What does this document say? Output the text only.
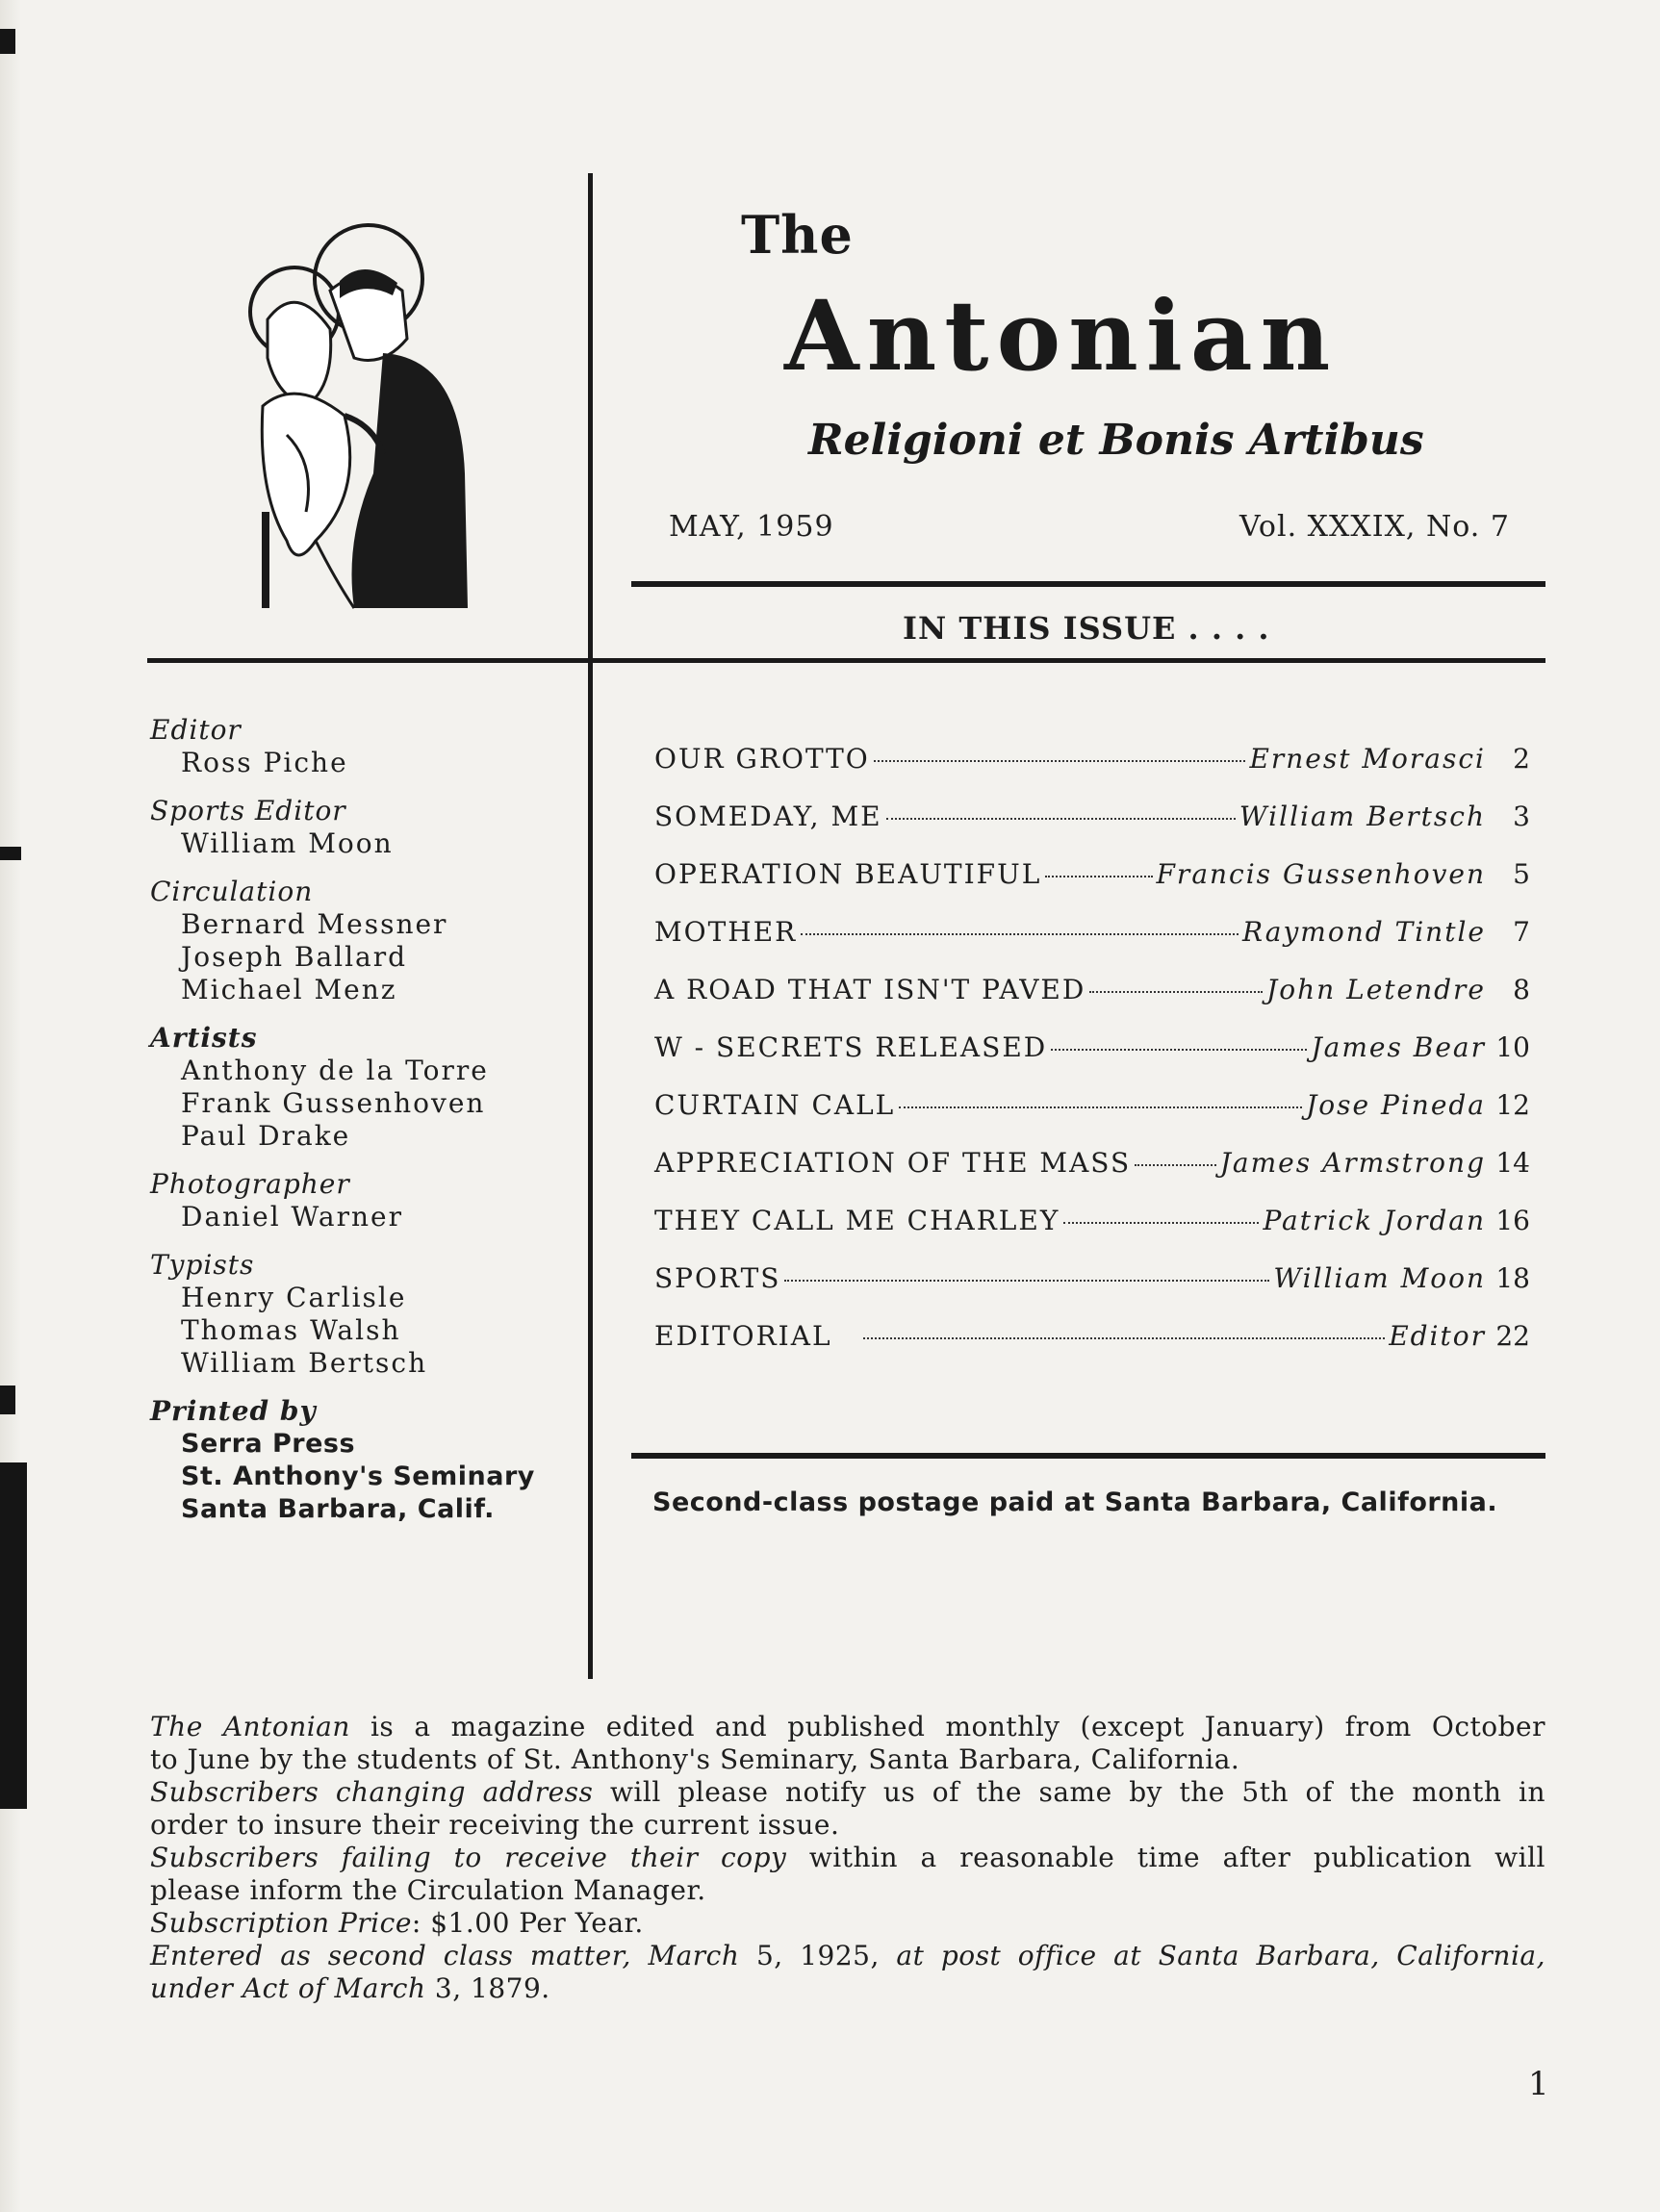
The
Antonian
Religioni et Bonis Artibus
MAY, 1959	Vol. XXXIX, No. 7
IN THIS ISSUE . . . .
Editor
Ross Piche
Sports Editor
William Moon
Circulation
Bernard Messner
Joseph Ballard
Michael Menz
Artists
Anthony de la Torre
Frank Gussenhoven
Paul Drake
Photographer
Daniel Warner
Typists
Henry Carlisle
Thomas Walsh
William Bertsch
Printed by
Serra Press
St. Anthony's Seminary
Santa Barbara, Calif.
OUR GROTTO	Ernest Morasci	2
SOMEDAY, ME	William Bertsch	3
OPERATION BEAUTIFUL	Francis Gussenhoven	5
MOTHER	Raymond Tintle	7
A ROAD THAT ISN'T PAVED	John Letendre	8
W - SECRETS RELEASED	James Bear 10
CURTAIN CALL	Jose Pineda 12
APPRECIATION OF THE MASS	James Armstrong 14
THEY CALL ME CHARLEY	Patrick Jordan 16
SPORTS	William Moon 18
EDITORIAL	Editor 22
Second-class postage paid at Santa Barbara, California.
The Antonian is a magazine edited and published monthly (except January) from October
to June by the students of St. Anthony's Seminary, Santa Barbara, California.
Subscribers changing address will please notify us of the same by the 5th of the month in
order to insure their receiving the current issue.
Subscribers failing to receive their copy within a reasonable time after publication will
please inform the Circulation Manager.
Subscription Price: $1.00 Per Year.
Entered as second class matter, March 5, 1925, at post office at Santa Barbara, California,
under Act of March 3, 1879.
1
